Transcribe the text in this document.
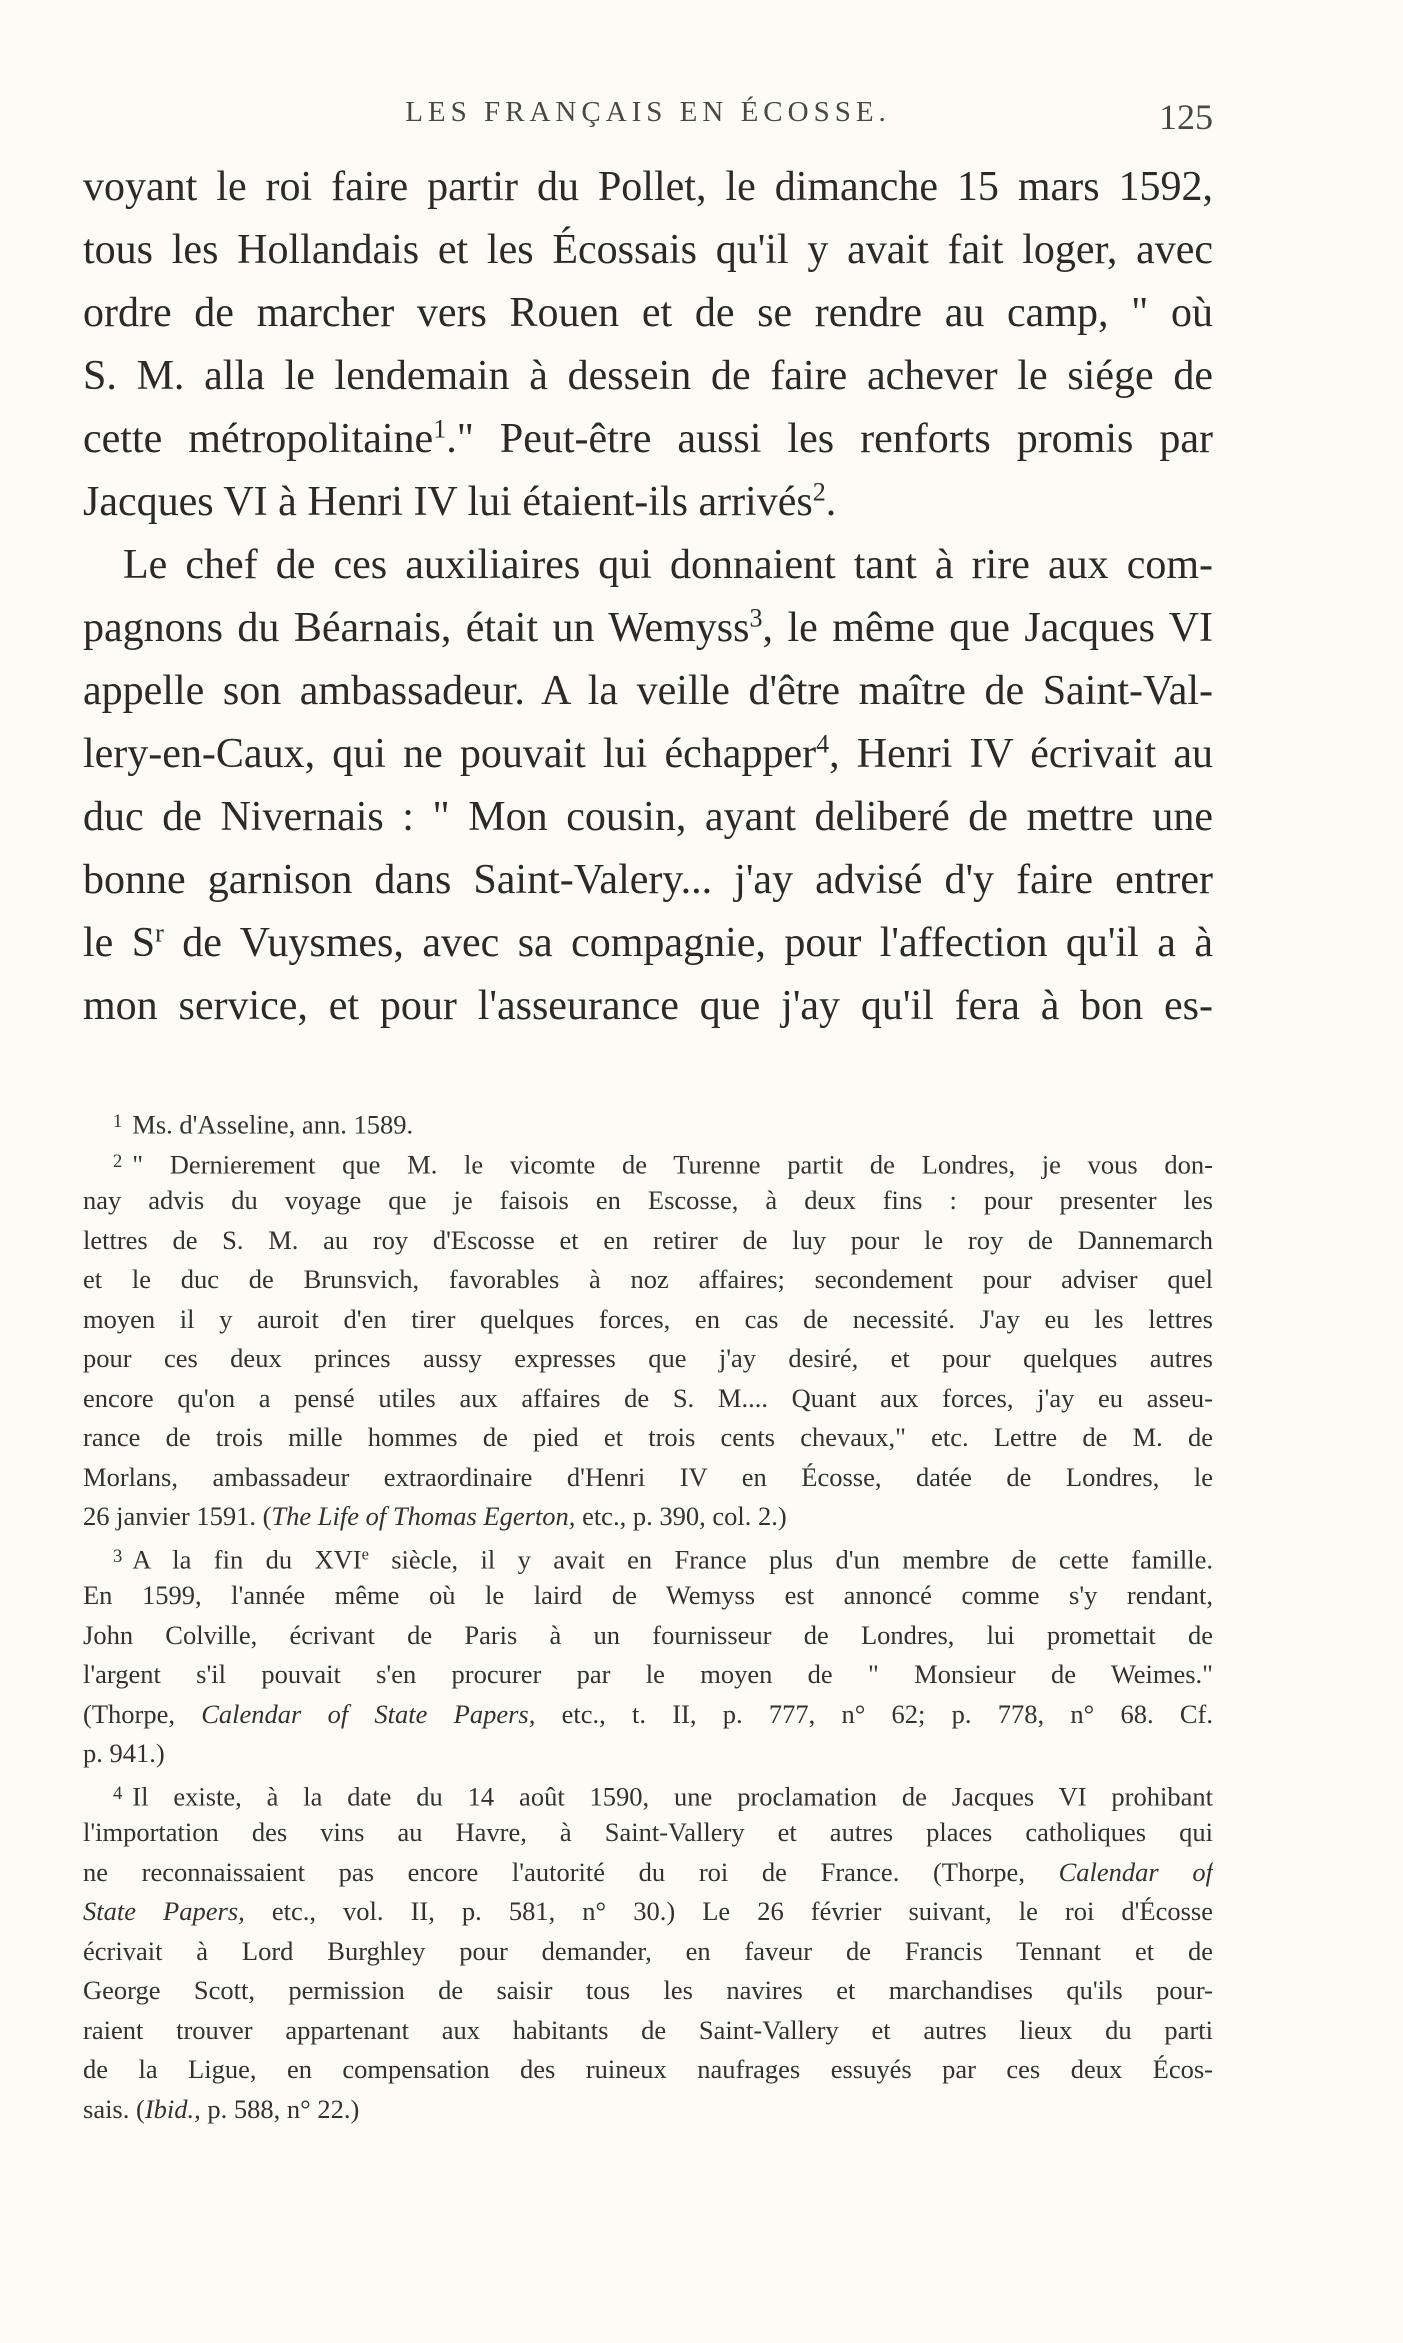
LES FRANÇAIS EN ÉCOSSE.	125
voyant le roi faire partir du Pollet, le dimanche 15 mars 1592,
tous les Hollandais et les Écossais qu'il y avait fait loger, avec
ordre de marcher vers Rouen et de se rendre au camp, " où
S. M. alla le lendemain à dessein de faire achever le siége de
cette métropolitaine$^1$." Peut-être aussi les renforts promis par
Jacques VI à Henri IV lui étaient-ils arrivés$^2$.
Le chef de ces auxiliaires qui donnaient tant à rire aux com-
pagnons du Béarnais, était un Wemyss$^3$, le même que Jacques VI
appelle son ambassadeur. A la veille d'être maître de Saint-Val-
lery-en-Caux, qui ne pouvait lui échapper$^4$, Henri IV écrivait au
duc de Nivernais : " Mon cousin, ayant deliberé de mettre une
bonne garnison dans Saint-Valery... j'ay advisé d'y faire entrer
le $S^r$ de Vuysmes, avec sa compagnie, pour l'affection qu'il a à
mon service, et pour l'asseurance que j'ay qu'il fera à bon es-
$^1$ Ms. d'Asseline, ann. 1589.
$^2$ " Dernierement que M. le vicomte de Turenne partit de Londres, je vous don-
nay advis du voyage que je faisois en Escosse, à deux fins : pour presenter les
lettres de S. M. au roy d'Escosse et en retirer de luy pour le roy de Dannemarch
et le duc de Brunsvich, favorables à noz affaires; secondement pour adviser quel
moyen il y auroit d'en tirer quelques forces, en cas de necessité. J'ay eu les lettres
pour ces deux princes aussy expresses que j'ay desiré, et pour quelques autres
encore qu'on a pensé utiles aux affaires de S. M.... Quant aux forces, j'ay eu asseu-
rance de trois mille hommes de pied et trois cents chevaux," etc. Lettre de M. de
Morlans, ambassadeur extraordinaire d'Henri IV en Écosse, datée de Londres, le
26 janvier 1591. (The Life of Thomas Egerton, etc., p. 390, col. 2.)
$^3$ A la fin du XVIe siècle, il y avait en France plus d'un membre de cette famille.
En 1599, l'année même où le laird de Wemyss est annoncé comme s'y rendant,
John Colville, écrivant de Paris à un fournisseur de Londres, lui promettait de
l'argent s'il pouvait s'en procurer par le moyen de " Monsieur de Weimes."
(Thorpe, Calendar of State Papers, etc., t. II, p. 777, n° 62; p. 778, n° 68. Cf.
p. 941.)
$^4$ Il existe, à la date du 14 août 1590, une proclamation de Jacques VI prohibant
l'importation des vins au Havre, à Saint-Vallery et autres places catholiques qui
ne reconnaissaient pas encore l'autorité du roi de France. (Thorpe, Calendar of
State Papers, etc., vol. II, p. 581, n° 30.) Le 26 février suivant, le roi d'Écosse
écrivait à Lord Burghley pour demander, en faveur de Francis Tennant et de
George Scott, permission de saisir tous les navires et marchandises qu'ils pour-
raient trouver appartenant aux habitants de Saint-Vallery et autres lieux du parti
de la Ligue, en compensation des ruineux naufrages essuyés par ces deux Écos-
sais. (Ibid., p. 588, n° 22.)
